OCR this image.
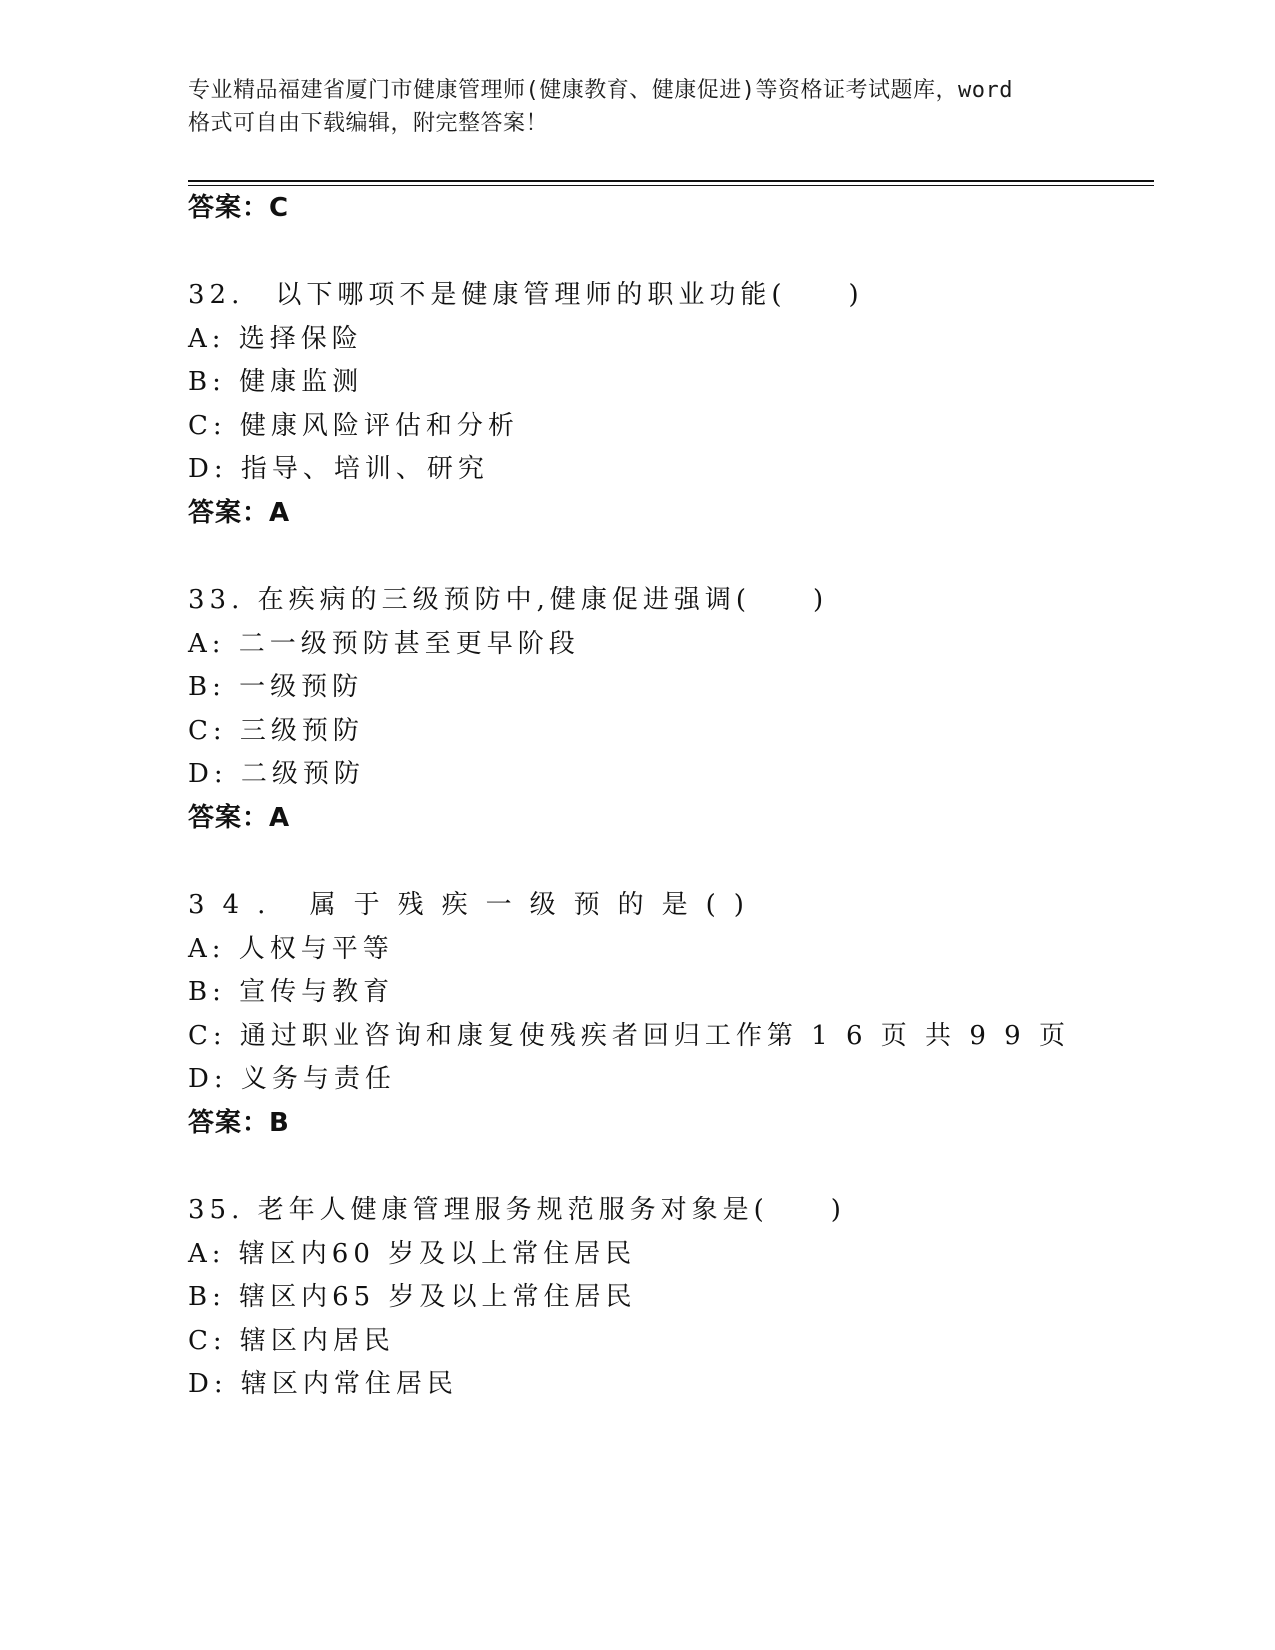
专业精品福建省厦门市健康管理师(健康教育、健康促进)等资格证考试题库，word
格式可自由下载编辑，附完整答案！
答案：C
32.　以下哪项不是健康管理师的职业功能(　　)
A: 选择保险
B: 健康监测
C: 健康风险评估和分析
D: 指导、培训、研究
答案：A
33. 在疾病的三级预防中,健康促进强调(　　)
A: 二一级预防甚至更早阶段
B: 一级预防
C: 三级预防
D: 二级预防
答案：A
34. 属于残疾一级预的是()
A: 人权与平等
B: 宣传与教育
C: 通过职业咨询和康复使残疾者回归工作第 1 6 页 共 9 9 页
D: 义务与责任
答案：B
35. 老年人健康管理服务规范服务对象是(　　)
A: 辖区内60 岁及以上常住居民
B: 辖区内65 岁及以上常住居民
C: 辖区内居民
D: 辖区内常住居民
